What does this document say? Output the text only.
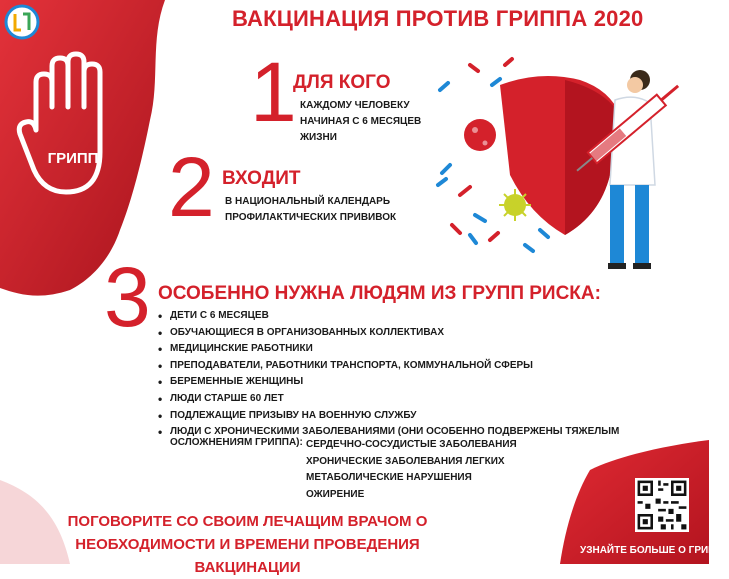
ГРИПП
ВАКЦИНАЦИЯ ПРОТИВ ГРИППА 2020
1
ДЛЯ КОГО
КАЖДОМУ ЧЕЛОВЕКУ
НАЧИНАЯ С 6 МЕСЯЦЕВ
ЖИЗНИ
2 ВХОДИТ
В НАЦИОНАЛЬНЫЙ КАЛЕНДАРЬ
ПРОФИЛАКТИЧЕСКИХ ПРИВИВОК
3 ОСОБЕННО НУЖНА ЛЮДЯМ ИЗ ГРУПП РИСКА:
• ДЕТИ С 6 МЕСЯЦЕВ
• ОБУЧАЮЩИЕСЯ В ОРГАНИЗОВАННЫХ КОЛЛЕКТИВАХ
• МЕДИЦИНСКИЕ РАБОТНИКИ
• ПРЕПОДАВАТЕЛИ, РАБОТНИКИ ТРАНСПОРТА, КОММУНАЛЬНОЙ СФЕРЫ
• БЕРЕМЕННЫЕ ЖЕНЩИНЫ
• ЛЮДИ СТАРШЕ 60 ЛЕТ
• ПОДЛЕЖАЩИЕ ПРИЗЫВУ НА ВОЕННУЮ СЛУЖБУ
• ЛЮДИ С ХРОНИЧЕСКИМИ ЗАБОЛЕВАНИЯМИ (ОНИ ОСОБЕННО ПОДВЕРЖЕНЫ ТЯЖЕЛЫМ
ОСЛОЖНЕНИЯМ ГРИППА): СЕРДЕЧНО-СОСУДИСТЫЕ ЗАБОЛЕВАНИЯ
ХРОНИЧЕСКИЕ ЗАБОЛЕВАНИЯ ЛЕГКИХ
МЕТАБОЛИЧЕСКИЕ НАРУШЕНИЯ
ОЖИРЕНИЕ
ПОГОВОРИТЕ СО СВОИМ ЛЕЧАЩИМ ВРАЧОМ О
НЕОБХОДИМОСТИ И ВРЕМЕНИ ПРОВЕДЕНИЯ ВАКЦИНАЦИИ
УЗНАЙТЕ БОЛЬШЕ О ГРИППЕ
